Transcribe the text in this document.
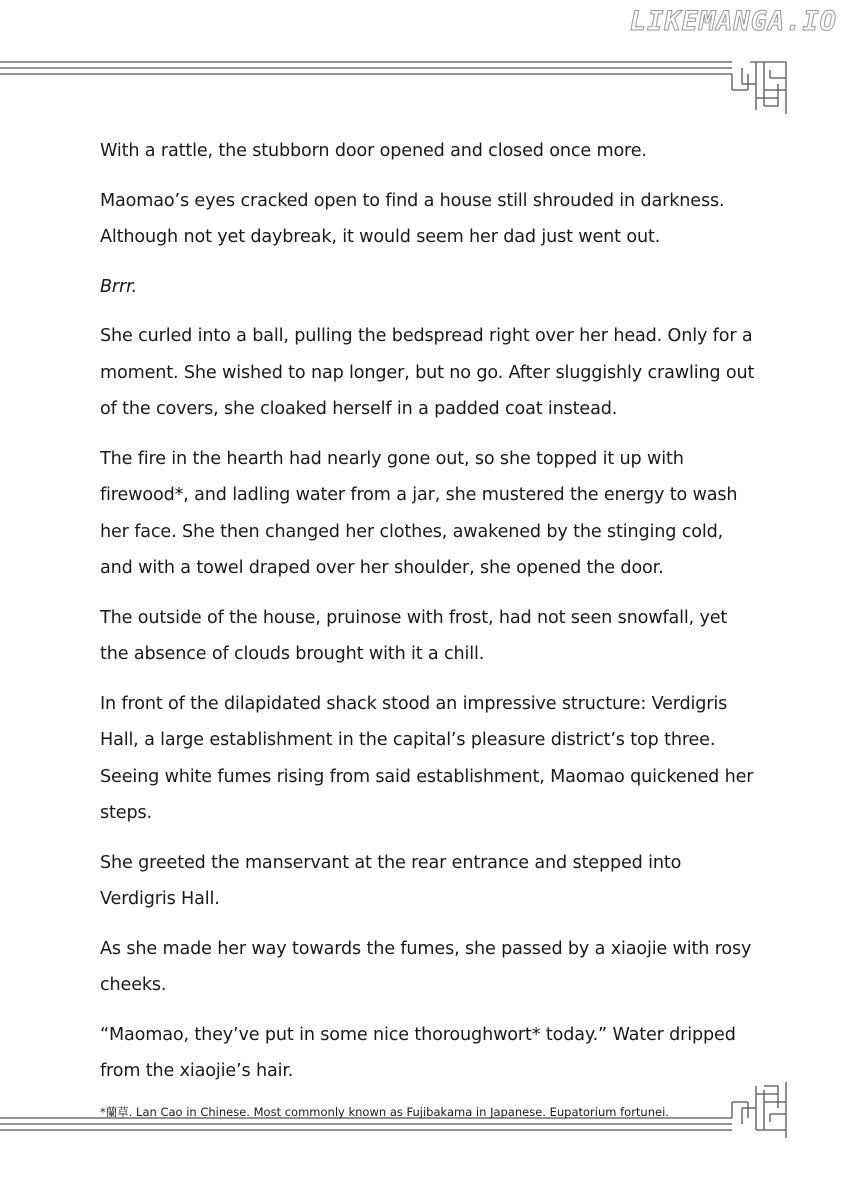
LIKEMANGA.IO

With a rattle, the stubborn door opened and closed once more.

Maomao’s eyes cracked open to find a house still shrouded in darkness. Although not yet daybreak, it would seem her dad just went out.

Brrr.

She curled into a ball, pulling the bedspread right over her head. Only for a moment. She wished to nap longer, but no go. After sluggishly crawling out of the covers, she cloaked herself in a padded coat instead.

The fire in the hearth had nearly gone out, so she topped it up with firewood*, and ladling water from a jar, she mustered the energy to wash her face. She then changed her clothes, awakened by the stinging cold, and with a towel draped over her shoulder, she opened the door.

The outside of the house, pruinose with frost, had not seen snowfall, yet the absence of clouds brought with it a chill.

In front of the dilapidated shack stood an impressive structure: Verdigris Hall, a large establishment in the capital’s pleasure district’s top three. Seeing white fumes rising from said establishment, Maomao quickened her steps.

She greeted the manservant at the rear entrance and stepped into Verdigris Hall.

As she made her way towards the fumes, she passed by a xiaojie with rosy cheeks.

“Maomao, they’ve put in some nice thoroughwort* today.” Water dripped from the xiaojie’s hair.

*蘭草. Lan Cao in Chinese. Most commonly known as Fujibakama in Japanese. Eupatorium fortunei.
